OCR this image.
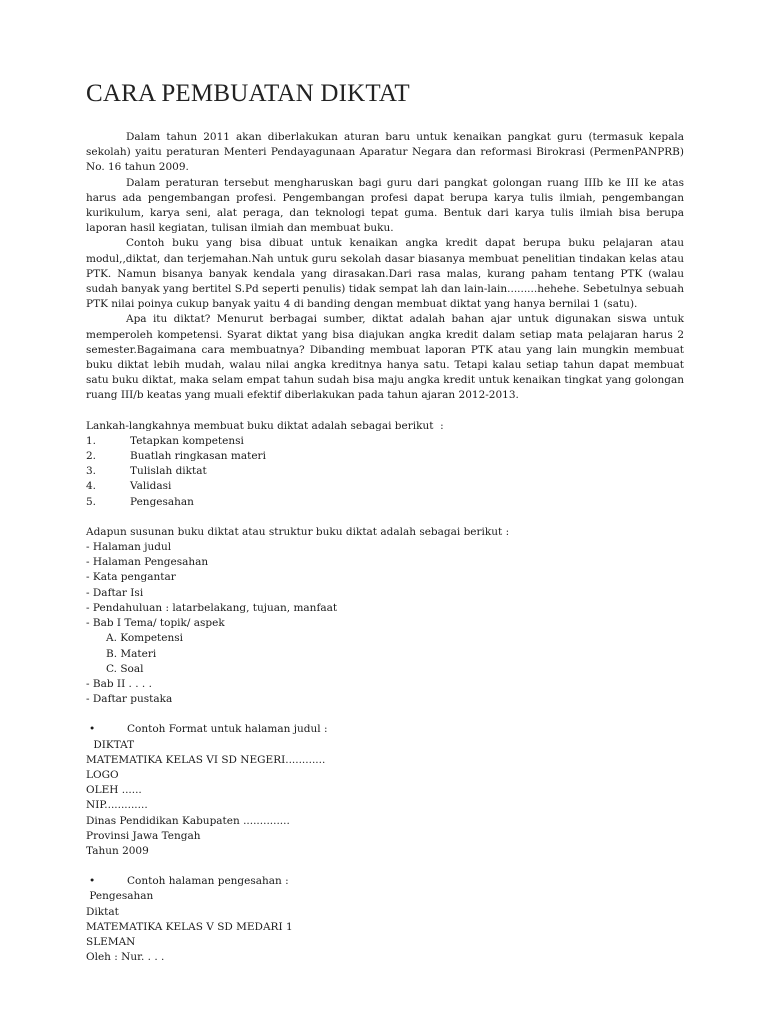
CARA PEMBUATAN DIKTAT

Dalam tahun 2011 akan diberlakukan aturan baru untuk kenaikan pangkat guru (termasuk kepala sekolah) yaitu peraturan Menteri Pendayagunaan Aparatur Negara dan reformasi Birokrasi (PermenPANPRB) No. 16 tahun 2009.

Dalam peraturan tersebut mengharuskan bagi guru dari pangkat golongan ruang IIIb ke III ke atas harus ada pengembangan profesi. Pengembangan profesi dapat berupa karya tulis ilmiah, pengembangan kurikulum, karya seni, alat peraga, dan teknologi tepat guma. Bentuk dari karya tulis ilmiah bisa berupa laporan hasil kegiatan, tulisan ilmiah dan membuat buku.

Contoh buku yang bisa dibuat untuk kenaikan angka kredit dapat berupa buku pelajaran atau modul,,diktat, dan terjemahan.Nah untuk guru sekolah dasar biasanya membuat penelitian tindakan kelas atau PTK. Namun bisanya banyak kendala yang dirasakan.Dari rasa malas, kurang paham tentang PTK (walau sudah banyak yang bertitel S.Pd seperti penulis) tidak sempat lah dan lain-lain.........hehehe. Sebetulnya sebuah PTK nilai poinya cukup banyak yaitu 4 di banding dengan membuat diktat yang hanya bernilai 1 (satu).

Apa itu diktat? Menurut berbagai sumber, diktat adalah bahan ajar untuk digunakan siswa untuk memperoleh kompetensi. Syarat diktat yang bisa diajukan angka kredit dalam setiap mata pelajaran harus 2 semester.Bagaimana cara membuatnya? Dibanding membuat laporan PTK atau yang lain mungkin membuat buku diktat lebih mudah, walau nilai angka kreditnya hanya satu. Tetapi kalau setiap tahun dapat membuat satu buku diktat, maka selam empat tahun sudah bisa maju angka kredit untuk kenaikan tingkat yang golongan ruang III/b keatas yang muali efektif diberlakukan pada tahun ajaran 2012-2013.

Lankah-langkahnya membuat buku diktat adalah sebagai berikut  :

1.	Tetapkan kompetensi
2.	Buatlah ringkasan materi
3.	Tulislah diktat
4.	Validasi
5.	Pengesahan

Adapun susunan buku diktat atau struktur buku diktat adalah sebagai berikut :

- Halaman judul

- Halaman Pengesahan

- Kata pengantar

- Daftar Isi

- Pendahuluan : latarbelakang, tujuan, manfaat

- Bab I Tema/ topik/ aspek

A. Kompetensi

B. Materi

C. Soal

- Bab II . . . .

- Daftar pustaka

•	Contoh Format untuk halaman judul :

DIKTAT

MATEMATIKA KELAS VI SD NEGERI............

LOGO

OLEH ......

NIP.............

Dinas Pendidikan Kabupaten ..............

Provinsi Jawa Tengah

Tahun 2009

•	Contoh halaman pengesahan :

Pengesahan

Diktat

MATEMATIKA KELAS V SD MEDARI 1

SLEMAN

Oleh : Nur. . . .
